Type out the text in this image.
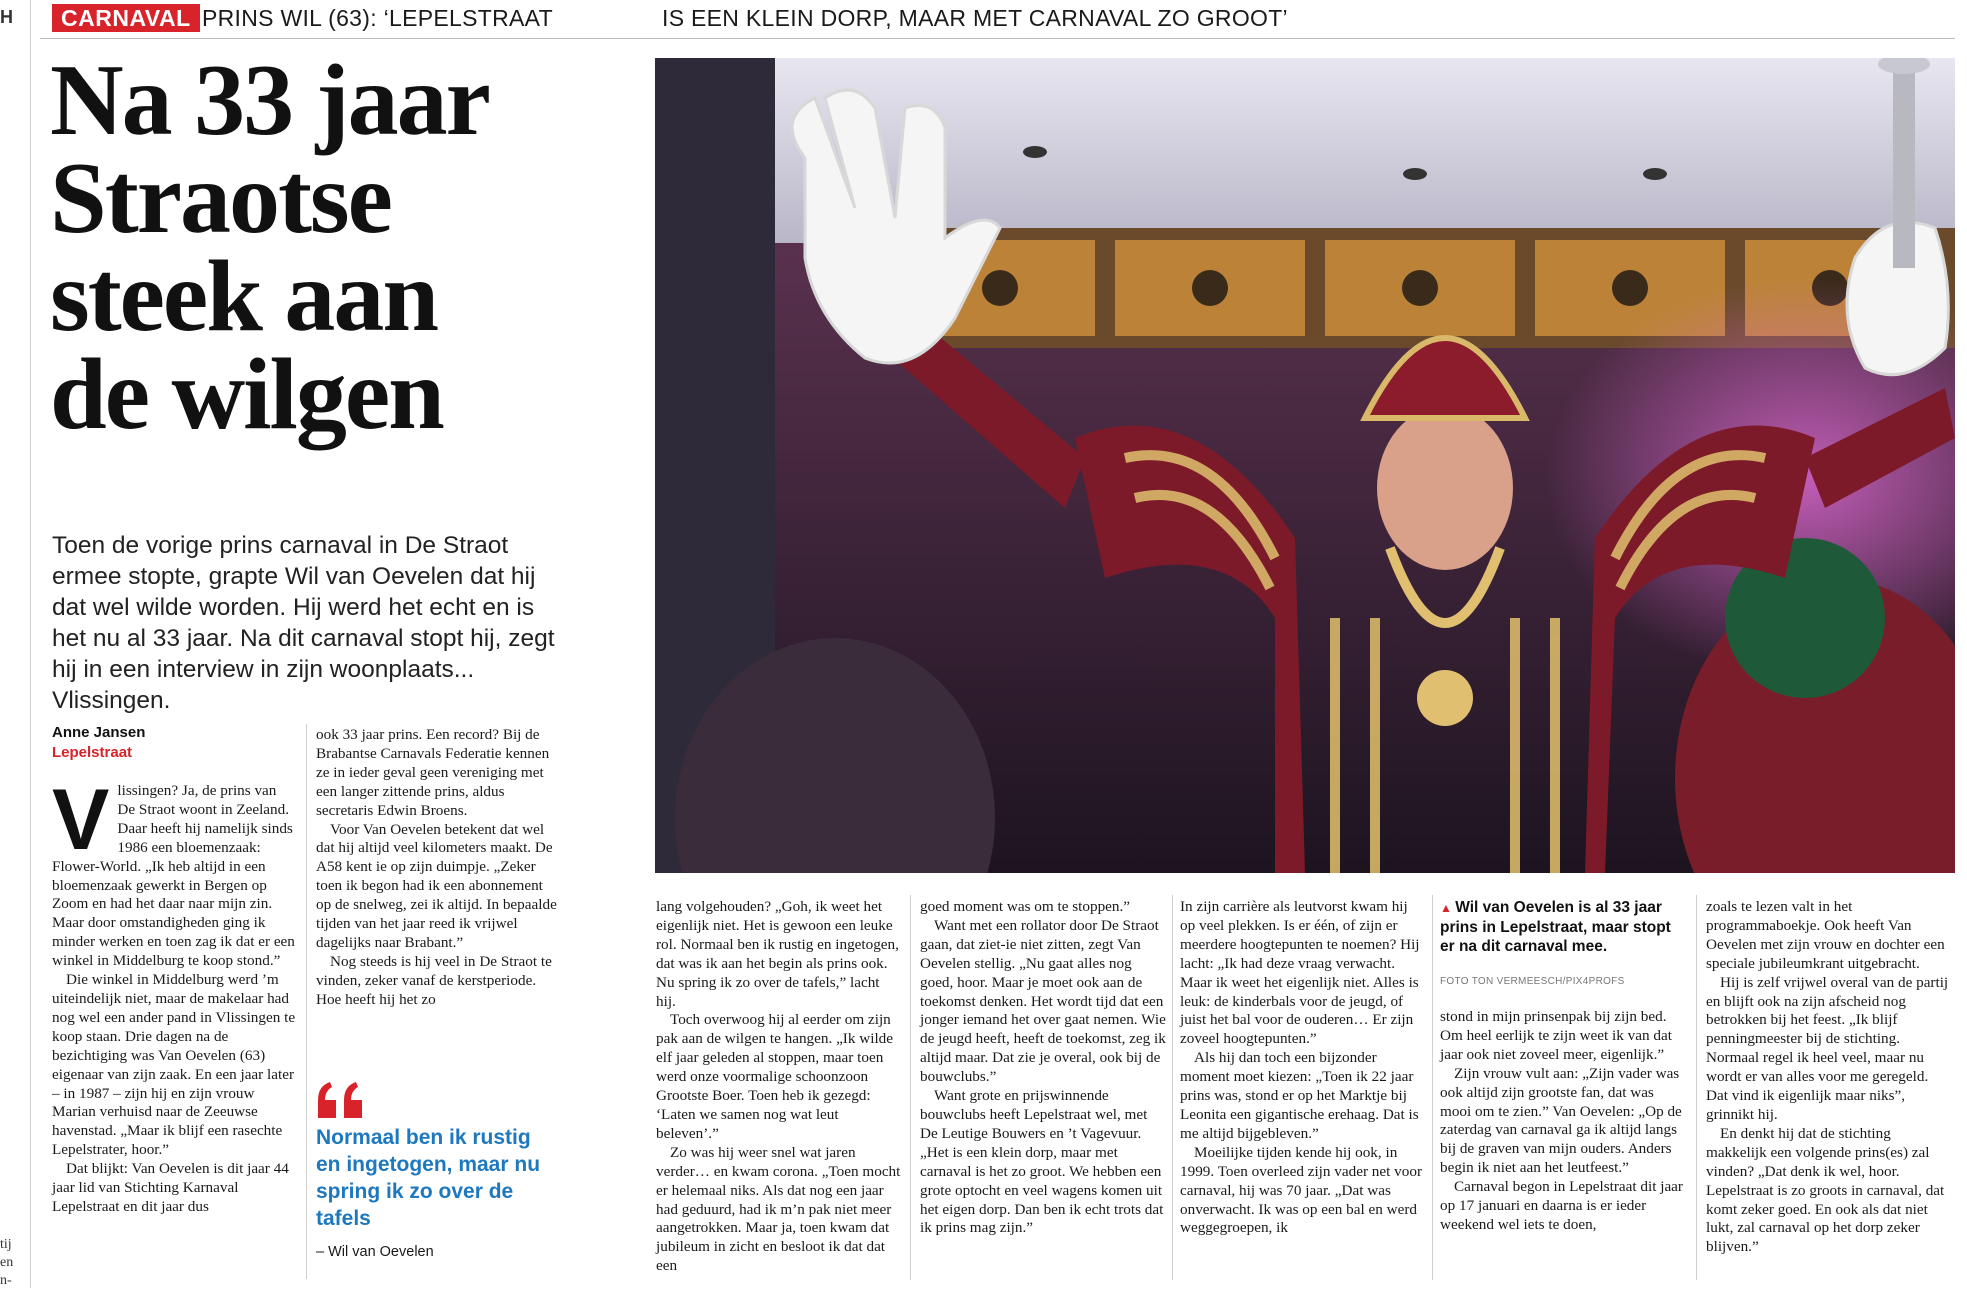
H
tij
en
n-
CARNAVAL PRINS WIL (63): ‘LEPELSTRAAT	IS EEN KLEIN DORP, MAAR MET CARNAVAL ZO GROOT’
Na 33 jaar
Straotse
steek aan
de wilgen
Toen de vorige prins carnaval in De Straot ermee stopte, grapte Wil van Oevelen dat hij dat wel wilde worden. Hij werd het echt en is het nu al 33 jaar. Na dit carnaval stopt hij, zegt hij in een interview in zijn woonplaats... Vlissingen.
Anne Jansen
Lepelstraat

Vlissingen? Ja, de prins van De Straot woont in Zeeland. Daar heeft hij namelijk sinds 1986 een bloemenzaak: Flower-World. „Ik heb altijd in een bloemenzaak gewerkt in Bergen op Zoom en had het daar naar mijn zin. Maar door omstandigheden ging ik minder werken en toen zag ik dat er een winkel in Middelburg te koop stond.”

Die winkel in Middelburg werd ’m uiteindelijk niet, maar de makelaar had nog wel een ander pand in Vlissingen te koop staan. Drie dagen na de bezichtiging was Van Oevelen (63) eigenaar van zijn zaak. En een jaar later – in 1987 – zijn hij en zijn vrouw Marian verhuisd naar de Zeeuwse havenstad. „Maar ik blijf een rasechte Lepelstrater, hoor.”

Dat blijkt: Van Oevelen is dit jaar 44 jaar lid van Stichting Karnaval Lepelstraat en dit jaar dus

ook 33 jaar prins. Een record? Bij de Brabantse Carnavals Federatie kennen ze in ieder geval geen vereniging met een langer zittende prins, aldus secretaris Edwin Broens.

Voor Van Oevelen betekent dat wel dat hij altijd veel kilometers maakt. De A58 kent ie op zijn duimpje. „Zeker toen ik begon had ik een abonnement op de snelweg, zei ik altijd. In bepaalde tijden van het jaar reed ik vrijwel dagelijks naar Brabant.”

Nog steeds is hij veel in De Straot te vinden, zeker vanaf de kerstperiode. Hoe heeft hij het zo

Normaal ben ik rustig en ingetogen, maar nu spring ik zo over de tafels
– Wil van Oevelen
▲ Wil van Oevelen is al 33 jaar prins in Lepelstraat, maar stopt er na dit carnaval mee.
FOTO TON VERMEESCH/PIX4PROFS

lang volgehouden? „Goh, ik weet het eigenlijk niet. Het is gewoon een leuke rol. Normaal ben ik rustig en ingetogen, dat was ik aan het begin als prins ook. Nu spring ik zo over de tafels,” lacht hij.

Toch overwoog hij al eerder om zijn pak aan de wilgen te hangen. „Ik wilde elf jaar geleden al stoppen, maar toen werd onze voormalige schoonzoon Grootste Boer. Toen heb ik gezegd: ‘Laten we samen nog wat leut beleven’.”

Zo was hij weer snel wat jaren verder… en kwam corona. „Toen mocht er helemaal niks. Als dat nog een jaar had geduurd, had ik m’n pak niet meer aangetrokken. Maar ja, toen kwam dat jubileum in zicht en besloot ik dat dat een

goed moment was om te stoppen.”

Want met een rollator door De Straot gaan, dat ziet-ie niet zitten, zegt Van Oevelen stellig. „Nu gaat alles nog goed, hoor. Maar je moet ook aan de toekomst denken. Het wordt tijd dat een jonger iemand het over gaat nemen. Wie de jeugd heeft, heeft de toekomst, zeg ik altijd maar. Dat zie je overal, ook bij de bouwclubs.”

Want grote en prijswinnende bouwclubs heeft Lepelstraat wel, met De Leutige Bouwers en ’t Vagevuur. „Het is een klein dorp, maar met carnaval is het zo groot. We hebben een grote optocht en veel wagens komen uit het eigen dorp. Dan ben ik echt trots dat ik prins mag zijn.”

In zijn carrière als leutvorst kwam hij op veel plekken. Is er één, of zijn er meerdere hoogtepunten te noemen? Hij lacht: „Ik had deze vraag verwacht. Maar ik weet het eigenlijk niet. Alles is leuk: de kinderbals voor de jeugd, of juist het bal voor de ouderen… Er zijn zoveel hoogtepunten.”

Als hij dan toch een bijzonder moment moet kiezen: „Toen ik 22 jaar prins was, stond er op het Marktje bij Leonita een gigantische erehaag. Dat is me altijd bijgebleven.”

Moeilijke tijden kende hij ook, in 1999. Toen overleed zijn vader net voor carnaval, hij was 70 jaar. „Dat was onverwacht. Ik was op een bal en werd weggegroepen, ik

stond in mijn prinsenpak bij zijn bed. Om heel eerlijk te zijn weet ik van dat jaar ook niet zoveel meer, eigenlijk.”

Zijn vrouw vult aan: „Zijn vader was ook altijd zijn grootste fan, dat was mooi om te zien.” Van Oevelen: „Op de zaterdag van carnaval ga ik altijd langs bij de graven van mijn ouders. Anders begin ik niet aan het leutfeest.”

Carnaval begon in Lepelstraat dit jaar op 17 januari en daarna is er ieder weekend wel iets te doen,

zoals te lezen valt in het programmaboekje. Ook heeft Van Oevelen met zijn vrouw en dochter een speciale jubileumkrant uitgebracht.

Hij is zelf vrijwel overal van de partij en blijft ook na zijn afscheid nog betrokken bij het feest. „Ik blijf penningmeester bij de stichting. Normaal regel ik heel veel, maar nu wordt er van alles voor me geregeld. Dat vind ik eigenlijk maar niks”, grinnikt hij.

En denkt hij dat de stichting makkelijk een volgende prins(es) zal vinden? „Dat denk ik wel, hoor. Lepelstraat is zo groots in carnaval, dat komt zeker goed. En ook als dat niet lukt, zal carnaval op het dorp zeker blijven.”
